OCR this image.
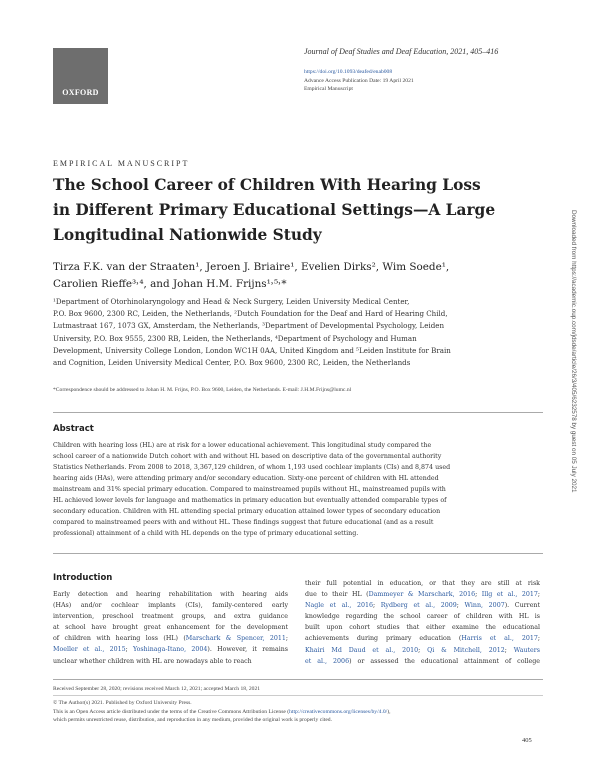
OXFORD
Journal of Deaf Studies and Deaf Education, 2021, 405–416
https://doi.org/10.1093/deafed/enab008
Advance Access Publication Date: 19 April 2021
Empirical Manuscript
EMPIRICAL MANUSCRIPT
The School Career of Children With Hearing Loss
in Different Primary Educational Settings—A Large
Longitudinal Nationwide Study
Tirza F.K. van der Straaten¹, Jeroen J. Briaire¹, Evelien Dirks², Wim Soede¹,
Carolien Rieffe³˒⁴, and Johan H.M. Frijns¹˒⁵˒*
¹Department of Otorhinolaryngology and Head & Neck Surgery, Leiden University Medical Center,
P.O. Box 9600, 2300 RC, Leiden, the Netherlands, ²Dutch Foundation for the Deaf and Hard of Hearing Child,
Lutmastraat 167, 1073 GX, Amsterdam, the Netherlands, ³Department of Developmental Psychology, Leiden
University, P.O. Box 9555, 2300 RB, Leiden, the Netherlands, ⁴Department of Psychology and Human
Development, University College London, London WC1H 0AA, United Kingdom and ⁵Leiden Institute for Brain
and Cognition, Leiden University Medical Center, P.O. Box 9600, 2300 RC, Leiden, the Netherlands
*Correspondence should be addressed to Johan H. M. Frijns, P.O. Box 9600, Leiden, the Netherlands. E-mail: J.H.M.Frijns@lumc.nl
Abstract
Children with hearing loss (HL) are at risk for a lower educational achievement. This longitudinal study compared the
school career of a nationwide Dutch cohort with and without HL based on descriptive data of the governmental authority
Statistics Netherlands. From 2008 to 2018, 3,367,129 children, of whom 1,193 used cochlear implants (CIs) and 8,874 used
hearing aids (HAs), were attending primary and/or secondary education. Sixty-one percent of children with HL attended
mainstream and 31% special primary education. Compared to mainstreamed pupils without HL, mainstreamed pupils with
HL achieved lower levels for language and mathematics in primary education but eventually attended comparable types of
secondary education. Children with HL attending special primary education attained lower types of secondary education
compared to mainstreamed peers with and without HL. These findings suggest that future educational (and as a result
professional) attainment of a child with HL depends on the type of primary educational setting.
Introduction
Early detection and hearing rehabilitation with hearing aids
(HAs) and/or cochlear implants (CIs), family-centered early
intervention, preschool treatment groups, and extra guidance
at school have brought great enhancement for the development
of children with hearing loss (HL) (Marschark & Spencer, 2011;
Moeller et al., 2015; Yoshinaga-Itano, 2004). However, it remains
unclear whether children with HL are nowadays able to reach
their full potential in education, or that they are still at risk
due to their HL (Dammeyer & Marschark, 2016; Illg et al., 2017;
Nagle et al., 2016; Rydberg et al., 2009; Winn, 2007). Current
knowledge regarding the school career of children with HL is
built upon cohort studies that either examine the educational
achievements during primary education (Harris et al., 2017;
Khairi Md Daud et al., 2010; Qi & Mitchell, 2012; Wauters
et al., 2006) or assessed the educational attainment of college
Received September 28, 2020; revisions received March 12, 2021; accepted March 18, 2021
© The Author(s) 2021. Published by Oxford University Press.
This is an Open Access article distributed under the terms of the Creative Commons Attribution License (http://creativecommons.org/licenses/by/4.0/),
which permits unrestricted reuse, distribution, and reproduction in any medium, provided the original work is properly cited.
405
Downloaded from https://academic.oup.com/jdsde/article/26/3/405/6232578 by guest on 05 July 2021
